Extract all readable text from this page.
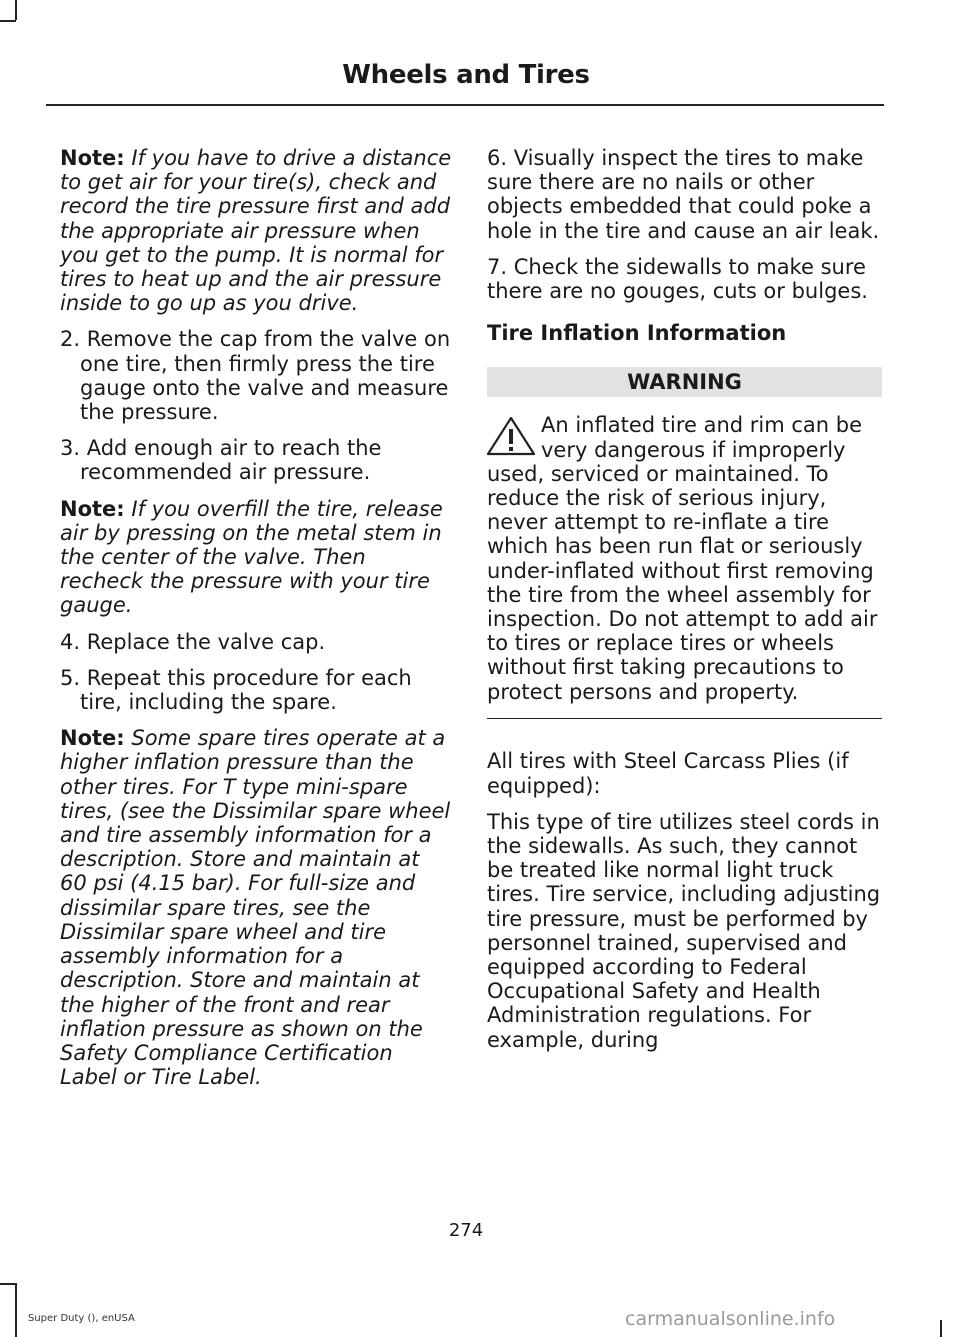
Wheels and Tires

Note: If you have to drive a distance to get air for your tire(s), check and record the tire pressure first and add the appropriate air pressure when you get to the pump. It is normal for tires to heat up and the air pressure inside to go up as you drive.

2. Remove the cap from the valve on one tire, then firmly press the tire gauge onto the valve and measure the pressure.

3. Add enough air to reach the recommended air pressure.

Note: If you overfill the tire, release air by pressing on the metal stem in the center of the valve. Then recheck the pressure with your tire gauge.

4. Replace the valve cap.

5. Repeat this procedure for each tire, including the spare.

Note: Some spare tires operate at a higher inflation pressure than the other tires. For T type mini-spare tires, (see the Dissimilar spare wheel and tire assembly information for a description. Store and maintain at 60 psi (4.15 bar). For full-size and dissimilar spare tires, see the Dissimilar spare wheel and tire assembly information for a description. Store and maintain at the higher of the front and rear inflation pressure as shown on the Safety Compliance Certification Label or Tire Label.

6. Visually inspect the tires to make sure there are no nails or other objects embedded that could poke a hole in the tire and cause an air leak.

7. Check the sidewalls to make sure there are no gouges, cuts or bulges.

Tire Inflation Information

WARNING

An inflated tire and rim can be very dangerous if improperly used, serviced or maintained. To reduce the risk of serious injury, never attempt to re-inflate a tire which has been run flat or seriously under-inflated without first removing the tire from the wheel assembly for inspection. Do not attempt to add air to tires or replace tires or wheels without first taking precautions to protect persons and property.

All tires with Steel Carcass Plies (if equipped):

This type of tire utilizes steel cords in the sidewalls. As such, they cannot be treated like normal light truck tires. Tire service, including adjusting tire pressure, must be performed by personnel trained, supervised and equipped according to Federal Occupational Safety and Health Administration regulations. For example, during

274
Super Duty (), enUSA	carmanualsonline.info
